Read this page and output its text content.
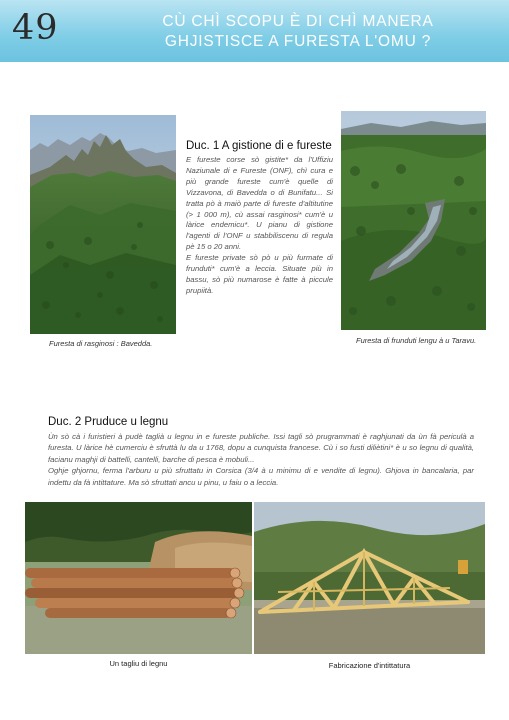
49	CÙ CHÌ SCOPU È DI CHÌ MANERA
GHJISTISCE A FURESTA L'OMU ?
Furesta di rasginosi : Bavedda.
Duc. 1 A gistione di e fureste

E fureste corse sò gistite* da l'Uffiziu Naziunale di e Fureste (ONF), chì cura e più grande fureste cum'è quelle di Vizzavona, di Bavedda o di Bunifatu... Si tratta pò à maiò parte di fureste d'altitutine (> 1 000 m), cù assai rasginosi* cum'è u làrice endemicu*. U pianu di gistione l'agenti di l'ONF u stabbiliscenu di regula pè 15 o 20 anni.

E fureste private sò pò u più furmate di frunduti* cum'è a leccia. Situate più in bassu, sò più numarose è fatte à piccule prupiità.

Furesta di frunduti lengu à u Taravu.
Duc. 2 Pruduce u legnu

Ùn sò cà i furistieri à pudè taglià u legnu in e fureste publiche. Issi tagli sò prugrammati è raghjunati da ùn fà periculà a furesta. U làrice hè cumerciu è sfruttà lu da u 1768, dopu a cunquista francese. Cù i so fusti diliètini* è u so legnu di qualità, facianu maghji di battelli, cantelli, barche di pesca è mobuli...

Oghje ghjornu, ferma l'arburu u più sfruttatu in Corsica (3/4 à u minimu di e vendite di legnu). Ghjova in bancalaria, par indettu da fà intittature. Ma sò sfruttati ancu u pinu, u faiu o a leccia.

Un tagliu di legnu	Fabricazione d'intittatura
